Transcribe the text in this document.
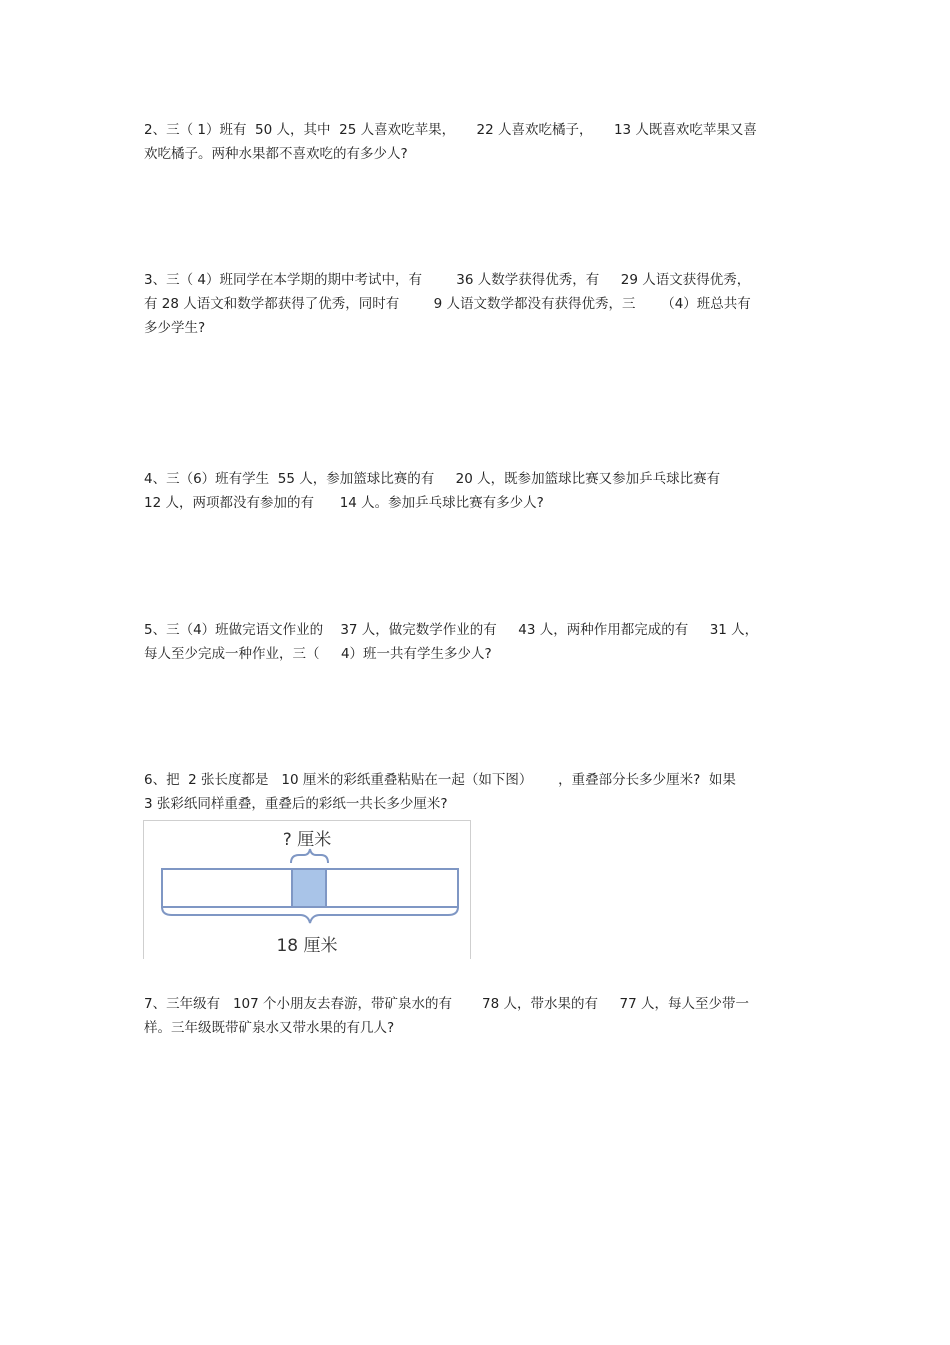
2、三（ 1）班有  50 人，其中  25 人喜欢吃苹果，     22 人喜欢吃橘子，     13 人既喜欢吃苹果又喜
欢吃橘子。两种水果都不喜欢吃的有多少人?
3、三（ 4）班同学在本学期的期中考试中，有        36 人数学获得优秀，有     29 人语文获得优秀，
有 28 人语文和数学都获得了优秀，同时有        9 人语文数学都没有获得优秀，三      （4）班总共有
多少学生?
4、三（6）班有学生  55 人，参加篮球比赛的有     20 人，既参加篮球比赛又参加乒乓球比赛有
12 人，两项都没有参加的有      14 人。参加乒乓球比赛有多少人?
5、三（4）班做完语文作业的    37 人，做完数学作业的有     43 人，两种作用都完成的有     31 人，
每人至少完成一种作业，三（     4）班一共有学生多少人?
6、把  2 张长度都是   10 厘米的彩纸重叠粘贴在一起（如下图）      ，重叠部分长多少厘米?  如果
3 张彩纸同样重叠，重叠后的彩纸一共长多少厘米?
? 厘米
18 厘米
7、三年级有   107 个小朋友去春游，带矿泉水的有       78 人，带水果的有     77 人，每人至少带一
样。三年级既带矿泉水又带水果的有几人?
